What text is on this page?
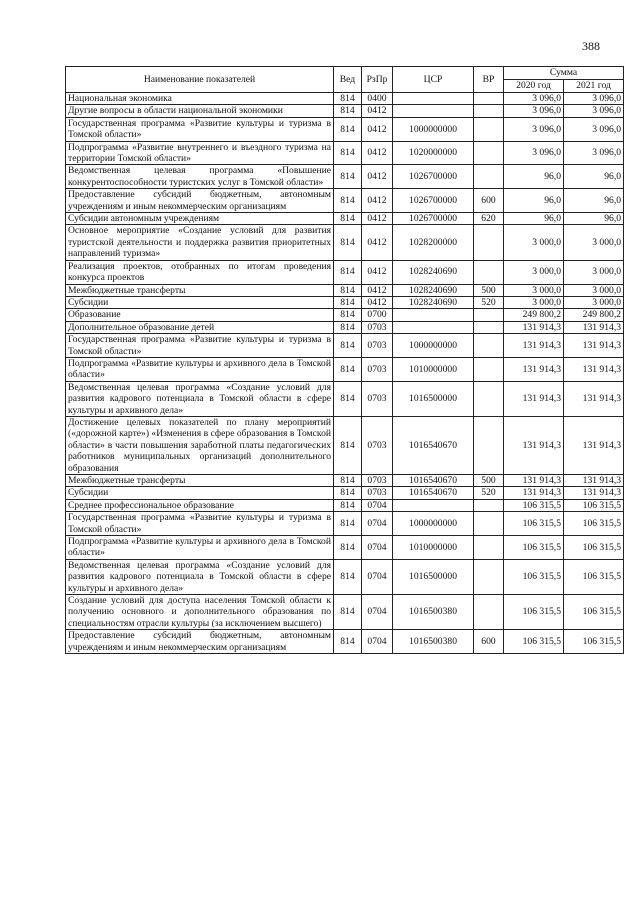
388
Наименование показателей	Вед	РзПр	ЦСР	ВР	Сумма	
					2020 год	2021 год
Национальная экономика	814	0400			3 096,0	3 096,0
Другие вопросы в области национальной экономики	814	0412			3 096,0	3 096,0
Государственная программа «Развитие культуры и туризма в Томской области»	814	0412	1000000000		3 096,0	3 096,0
Подпрограмма «Развитие внутреннего и въездного туризма на территории Томской области»	814	0412	1020000000		3 096,0	3 096,0
Ведомственная целевая программа «Повышение конкурентоспособности туристских услуг в Томской области»	814	0412	1026700000		96,0	96,0
Предоставление субсидий бюджетным, автономным учреждениям и иным некоммерческим организациям	814	0412	1026700000	600	96,0	96,0
Субсидии автономным учреждениям	814	0412	1026700000	620	96,0	96,0
Основное мероприятие «Создание условий для развития туристской деятельности и поддержка развития приоритетных направлений туризма»	814	0412	1028200000		3 000,0	3 000,0
Реализация проектов, отобранных по итогам проведения конкурса проектов	814	0412	1028240690		3 000,0	3 000,0
Межбюджетные трансферты	814	0412	1028240690	500	3 000,0	3 000,0
Субсидии	814	0412	1028240690	520	3 000,0	3 000,0
Образование	814	0700			249 800,2	249 800,2
Дополнительное образование детей	814	0703			131 914,3	131 914,3
Государственная программа «Развитие культуры и туризма в Томской области»	814	0703	1000000000		131 914,3	131 914,3
Подпрограмма «Развитие культуры и архивного дела в Томской области»	814	0703	1010000000		131 914,3	131 914,3
Ведомственная целевая программа «Создание условий для развития кадрового потенциала в Томской области в сфере культуры и архивного дела»	814	0703	1016500000		131 914,3	131 914,3
Достижение целевых показателей по плану мероприятий («дорожной карте») «Изменения в сфере образования в Томской области» в части повышения заработной платы педагогических работников муниципальных организаций дополнительного образования	814	0703	1016540670		131 914,3	131 914,3
Межбюджетные трансферты	814	0703	1016540670	500	131 914,3	131 914,3
Субсидии	814	0703	1016540670	520	131 914,3	131 914,3
Среднее профессиональное образование	814	0704			106 315,5	106 315,5
Государственная программа «Развитие культуры и туризма в Томской области»	814	0704	1000000000		106 315,5	106 315,5
Подпрограмма «Развитие культуры и архивного дела в Томской области»	814	0704	1010000000		106 315,5	106 315,5
Ведомственная целевая программа «Создание условий для развития кадрового потенциала в Томской области в сфере культуры и архивного дела»	814	0704	1016500000		106 315,5	106 315,5
Создание условий для доступа населения Томской области к получению основного и дополнительного образования по специальностям отрасли культуры (за исключением высшего)	814	0704	1016500380		106 315,5	106 315,5
Предоставление субсидий бюджетным, автономным учреждениям и иным некоммерческим организациям	814	0704	1016500380	600	106 315,5	106 315,5
